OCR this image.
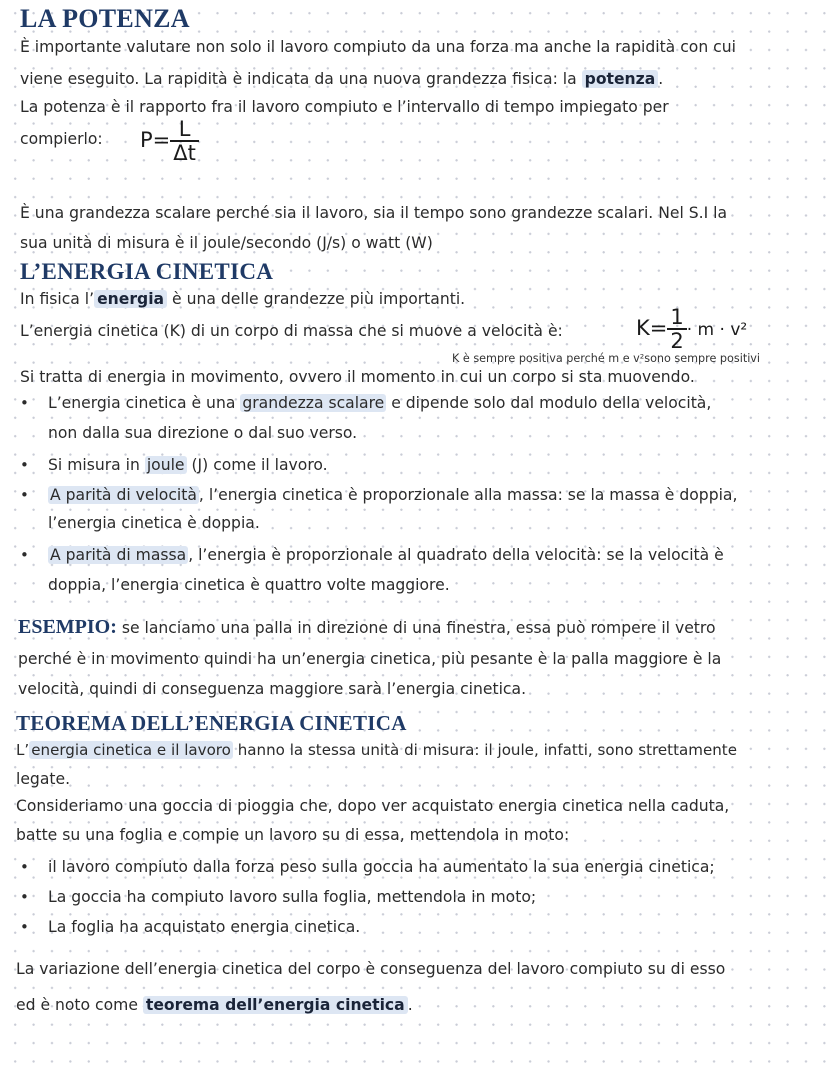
LA POTENZA

È importante valutare non solo il lavoro compiuto da una forza ma anche la rapidità con cui

viene eseguito. La rapidità è indicata da una nuova grandezza fisica: la potenza .

La potenza è il rapporto fra il lavoro compiuto e l’intervallo di tempo impiegato per

compierlo: $P= \frac{L}{\Delta t}$

È una grandezza scalare perché sia il lavoro, sia il tempo sono grandezze scalari. Nel S.I la

sua unità di misura è il joule/secondo (J/s) o watt (W)

L’ENERGIA CINETICA

In fisica l’ energia è una delle grandezze più importanti.

L’energia cinetica (K) di un corpo di massa che si muove a velocità è:	$K= \frac{1}{2} \cdot m \cdot v^2$
K è sempre positiva perché m e v²sono sempre positivi

Si tratta di energia in movimento, ovvero il momento in cui un corpo si sta muovendo.

• L’energia cinetica è una grandezza scalare e dipende solo dal modulo della velocità,

non dalla sua direzione o dal suo verso.

• Si misura in joule (J) come il lavoro.

• A parità di velocità , l’energia cinetica è proporzionale alla massa: se la massa è doppia,

l’energia cinetica è doppia.

• A parità di massa , l’energia è proporzionale al quadrato della velocità: se la velocità è

doppia, l’energia cinetica è quattro volte maggiore.

ESEMPIO: se lanciamo una palla in direzione di una finestra, essa può rompere il vetro

perché è in movimento quindi ha un’energia cinetica, più pesante è la palla maggiore è la

velocità, quindi di conseguenza maggiore sarà l’energia cinetica.

TEOREMA DELL’ENERGIA CINETICA

L’ energia cinetica e il lavoro hanno la stessa unità di misura: il joule, infatti, sono strettamente

legate.

Consideriamo una goccia di pioggia che, dopo ver acquistato energia cinetica nella caduta,

batte su una foglia e compie un lavoro su di essa, mettendola in moto:

• il lavoro compiuto dalla forza peso sulla goccia ha aumentato la sua energia cinetica;

• La goccia ha compiuto lavoro sulla foglia, mettendola in moto;

• La foglia ha acquistato energia cinetica.

La variazione dell’energia cinetica del corpo è conseguenza del lavoro compiuto su di esso

ed è noto come teorema dell’energia cinetica .
